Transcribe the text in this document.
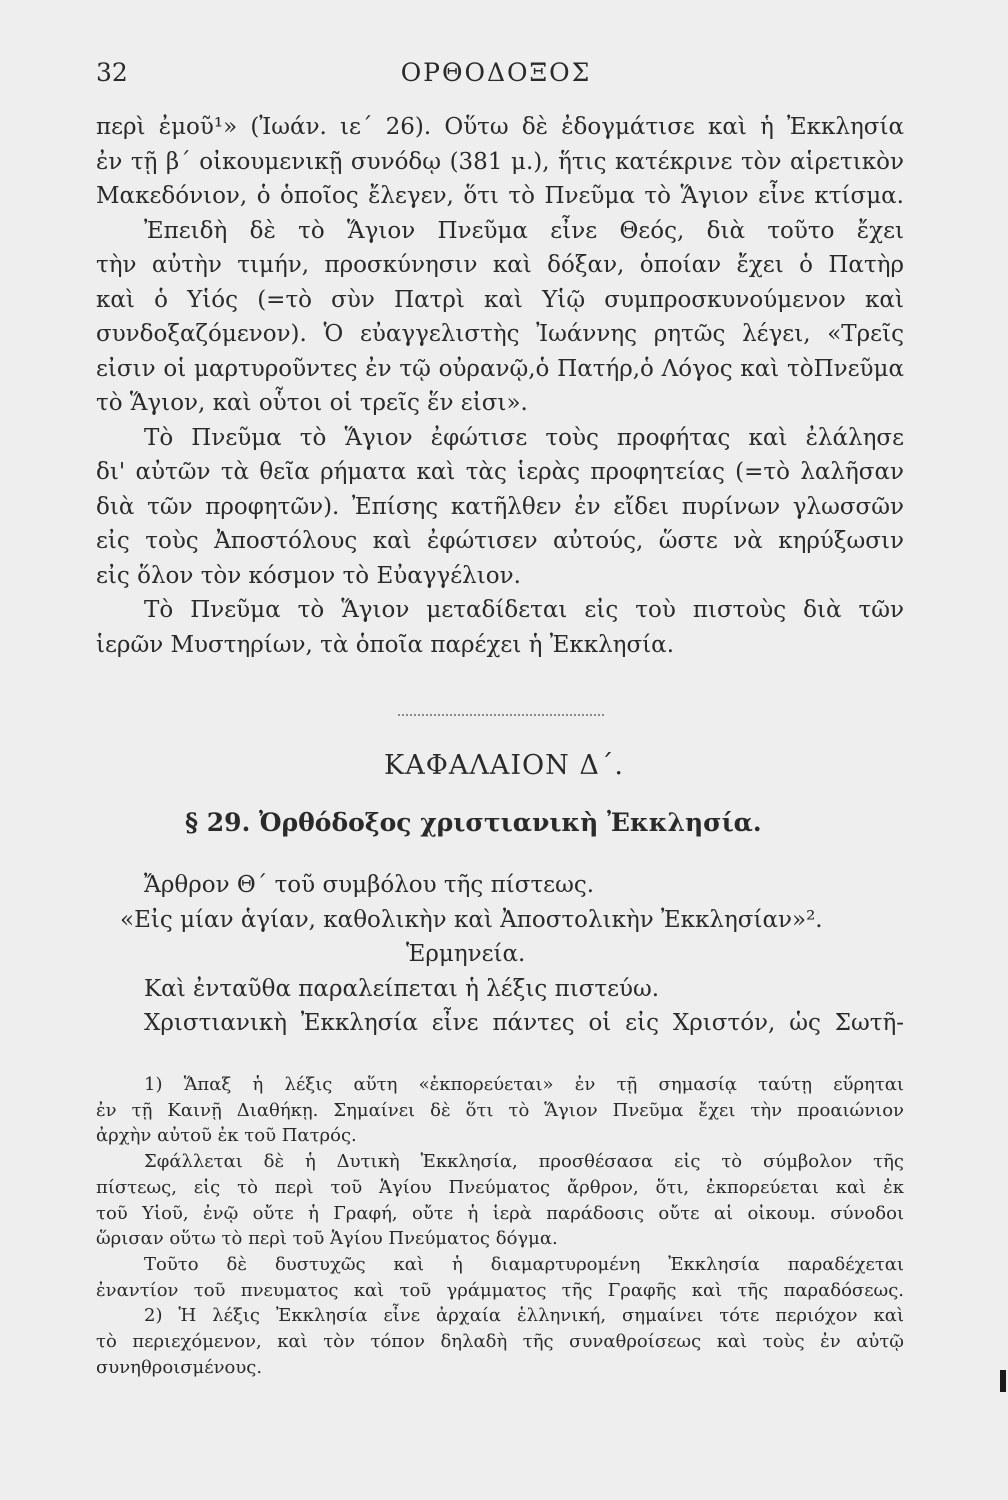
32	ΟΡΘΟΔΟΞΟΣ
περὶ ἐμοῦ¹» (Ἰωάν. ιε΄ 26). Οὕτω δὲ ἐδογμάτισε καὶ ἡ Ἐκκλησία
ἐν τῇ β΄ οἰκουμενικῇ συνόδῳ (381 μ.), ἥτις κατέκρινε τὸν αἱρετικὸν
Μακεδόνιον, ὁ ὁποῖος ἔλεγεν, ὅτι τὸ Πνεῦμα τὸ Ἅγιον εἶνε κτίσμα.
Ἐπειδὴ δὲ τὸ Ἅγιον Πνεῦμα εἶνε Θεός, διὰ τοῦτο ἔχει
τὴν αὐτὴν τιμήν, προσκύνησιν καὶ δόξαν, ὁποίαν ἔχει ὁ Πατὴρ
καὶ ὁ Υἱός (=τὸ σὺν Πατρὶ καὶ Υἱῷ συμπροσκυνούμενον καὶ
συνδοξαζόμενον). Ὁ εὐαγγελιστὴς Ἰωάννης ρητῶς λέγει, «Τρεῖς
εἰσιν οἱ μαρτυροῦντες ἐν τῷ οὐρανῷ,ὁ Πατήρ,ὁ Λόγος καὶ τὸΠνεῦμα
τὸ Ἅγιον, καὶ οὗτοι οἱ τρεῖς ἕν εἰσι».
Τὸ Πνεῦμα τὸ Ἅγιον ἐφώτισε τοὺς προφήτας καὶ ἐλάλησε
δι' αὐτῶν τὰ θεῖα ρήματα καὶ τὰς ἱερὰς προφητείας (=τὸ λαλῆσαν
διὰ τῶν προφητῶν). Ἐπίσης κατῆλθεν ἐν εἴδει πυρίνων γλωσσῶν
εἰς τοὺς Ἀποστόλους καὶ ἐφώτισεν αὐτούς, ὥστε νὰ κηρύξωσιν
εἰς ὅλον τὸν κόσμον τὸ Εὐαγγέλιον.
Τὸ Πνεῦμα τὸ Ἅγιον μεταδίδεται εἰς τοὺ πιστοὺς διὰ τῶν
ἱερῶν Μυστηρίων, τὰ ὁποῖα παρέχει ἡ Ἐκκλησία.
ΚΑΦΑΛΑΙΟΝ Δ΄.
§ 29. Ὀρθόδοξος χριστιανικὴ Ἐκκλησία.
Ἄρθρον Θ΄ τοῦ συμβόλου τῆς πίστεως.
«Εἰς μίαν ἁγίαν, καθολικὴν καὶ Ἀποστολικὴν Ἐκκλησίαν»².
Ἑρμηνεία.
Καὶ ἐνταῦθα παραλείπεται ἡ λέξις πιστεύω.
Χριστιανικὴ Ἐκκλησία εἶνε πάντες οἱ εἰς Χριστόν, ὡς Σωτῆ-
1) Ἅπαξ ἡ λέξις αὕτη «ἐκπορεύεται» ἐν τῇ σημασίᾳ ταύτῃ εὕρηται
ἐν τῇ Καινῇ Διαθήκῃ. Σημαίνει δὲ ὅτι τὸ Ἅγιον Πνεῦμα ἔχει τὴν προαιώνιον
ἀρχὴν αὐτοῦ ἐκ τοῦ Πατρός.
Σφάλλεται δὲ ἡ Δυτικὴ Ἐκκλησία, προσθέσασα εἰς τὸ σύμβολον τῆς
πίστεως, εἰς τὸ περὶ τοῦ Ἁγίου Πνεύματος ἄρθρον, ὅτι, ἐκπορεύεται καὶ ἐκ
τοῦ Υἱοῦ, ἐνῷ οὔτε ἡ Γραφή, οὔτε ἡ ἱερὰ παράδοσις οὔτε αἱ οἰκουμ. σύνοδοι
ὥρισαν οὕτω τὸ περὶ τοῦ Ἁγίου Πνεύματος δόγμα.
Τοῦτο δὲ δυστυχῶς καὶ ἡ διαμαρτυρομένη Ἐκκλησία παραδέχεται
ἐναντίον τοῦ πνευματος καὶ τοῦ γράμματος τῆς Γραφῆς καὶ τῆς παραδόσεως.
2) Ἡ λέξις Ἐκκλησία εἶνε ἀρχαία ἑλληνική, σημαίνει τότε περιόχον καὶ
τὸ περιεχόμενον, καὶ τὸν τόπον δηλαδὴ τῆς συναθροίσεως καὶ τοὺς ἐν αὐτῷ
συνηθροισμένους.
